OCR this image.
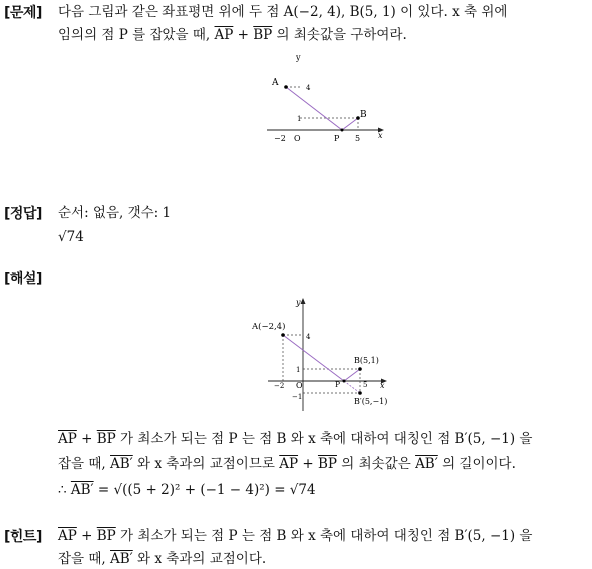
[문제] 다음 그림과 같은 좌표평면 위에 두 점 A(−2, 4), B(5, 1) 이 있다. x 축 위에
임의의 점 P 를 잡았을 때, $\overline{AP} + \overline{BP}$ 의 최솟값을 구하여라.
y
A	4
B
1
P
−2 O	5 x
[정답] 순서: 없음, 갯수: 1
√74
[해설]
y
A(−2,4)
4
B(5,1)
1
O
−2	P	x
5
−1	B′(5,−1)
$\overline{AP} + \overline{BP}$ 가 최소가 되는 점 P 는 점 B 와 x 축에 대하여 대칭인 점 B′(5, −1) 을
잡을 때, AB′ 와 x 축과의 교점이므로 $\overline{AP} + \overline{BP}$ 의 최솟값은 AB′ 의 길이이다.
∴ AB′ = √((5 + 2)² + (−1 − 4)²) = √74
[힌트] $\overline{AP} + \overline{BP}$ 가 최소가 되는 점 P 는 점 B 와 x 축에 대하여 대칭인 점 B′(5, −1) 을
잡을 때, AB′ 와 x 축과의 교점이다.
